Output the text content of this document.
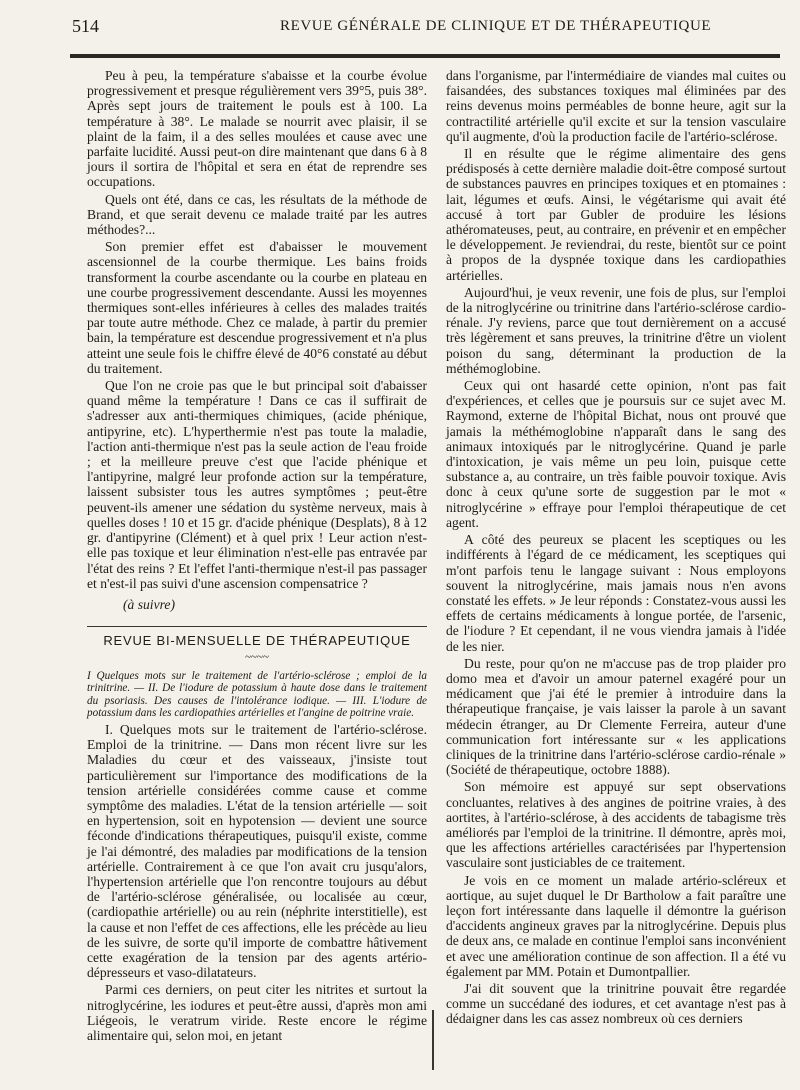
514	REVUE GÉNÉRALE DE CLINIQUE ET DE THÉRAPEUTIQUE

Peu à peu, la température s'abaisse et la courbe évolue progressivement et presque régulièrement vers 39°5, puis 38°. Après sept jours de traitement le pouls est à 100. La température à 38°. Le malade se nourrit avec plaisir, il se plaint de la faim, il a des selles moulées et cause avec une parfaite lucidité. Aussi peut-on dire maintenant que dans 6 à 8 jours il sortira de l'hôpital et sera en état de reprendre ses occupations.

Quels ont été, dans ce cas, les résultats de la méthode de Brand, et que serait devenu ce malade traité par les autres méthodes?...

Son premier effet est d'abaisser le mouvement ascensionnel de la courbe thermique. Les bains froids transforment la courbe ascendante ou la courbe en plateau en une courbe progressivement descendante. Aussi les moyennes thermiques sont-elles inférieures à celles des malades traités par toute autre méthode. Chez ce malade, à partir du premier bain, la température est descendue progressivement et n'a plus atteint une seule fois le chiffre élevé de 40°6 constaté au début du traitement.

Que l'on ne croie pas que le but principal soit d'abaisser quand même la température ! Dans ce cas il suffirait de s'adresser aux anti-thermiques chimiques, (acide phénique, antipyrine, etc). L'hyperthermie n'est pas toute la maladie, l'action anti-thermique n'est pas la seule action de l'eau froide ; et la meilleure preuve c'est que l'acide phénique et l'antipyrine, malgré leur profonde action sur la température, laissent subsister tous les autres symptômes ; peut-être peuvent-ils amener une sédation du système nerveux, mais à quelles doses ! 10 et 15 gr. d'acide phénique (Desplats), 8 à 12 gr. d'antipyrine (Clément) et à quel prix ! Leur action n'est-elle pas toxique et leur élimination n'est-elle pas entravée par l'état des reins ? Et l'effet l'anti-thermique n'est-il pas passager et n'est-il pas suivi d'une ascension compensatrice ?

(à suivre)

REVUE BI-MENSUELLE DE THÉRAPEUTIQUE
~~~~

I Quelques mots sur le traitement de l'artério-sclérose ; emploi de la trinitrine. — II. De l'iodure de potassium à haute dose dans le traitement du psoriasis. Des causes de l'intolérance iodique. — III. L'iodure de potassium dans les cardiopathies artérielles et l'angine de poitrine vraie.

I. Quelques mots sur le traitement de l'artério-sclérose. Emploi de la trinitrine. — Dans mon récent livre sur les Maladies du cœur et des vaisseaux, j'insiste tout particulièrement sur l'importance des modifications de la tension artérielle considérées comme cause et comme symptôme des maladies. L'état de la tension artérielle — soit en hypertension, soit en hypotension — devient une source féconde d'indications thérapeutiques, puisqu'il existe, comme je l'ai démontré, des maladies par modifications de la tension artérielle. Contrairement à ce que l'on avait cru jusqu'alors, l'hypertension artérielle que l'on rencontre toujours au début de l'artério-sclérose généralisée, ou localisée au cœur, (cardiopathie artérielle) ou au rein (néphrite interstitielle), est la cause et non l'effet de ces affections, elle les précède au lieu de les suivre, de sorte qu'il importe de combattre hâtivement cette exagération de la tension par des agents artério-dépresseurs et vaso-dilatateurs.

Parmi ces derniers, on peut citer les nitrites et surtout la nitroglycérine, les iodures et peut-être aussi, d'après mon ami Liégeois, le veratrum viride. Reste encore le régime alimentaire qui, selon moi, en jetant

dans l'organisme, par l'intermédiaire de viandes mal cuites ou faisandées, des substances toxiques mal éliminées par des reins devenus moins perméables de bonne heure, agit sur la contractilité artérielle qu'il excite et sur la tension vasculaire qu'il augmente, d'où la production facile de l'artério-sclérose.

Il en résulte que le régime alimentaire des gens prédisposés à cette dernière maladie doit-être composé surtout de substances pauvres en principes toxiques et en ptomaines : lait, légumes et œufs. Ainsi, le végétarisme qui avait été accusé à tort par Gubler de produire les lésions athéromateuses, peut, au contraire, en prévenir et en empêcher le développement. Je reviendrai, du reste, bientôt sur ce point à propos de la dyspnée toxique dans les cardiopathies artérielles.

Aujourd'hui, je veux revenir, une fois de plus, sur l'emploi de la nitroglycérine ou trinitrine dans l'artério-sclérose cardio-rénale. J'y reviens, parce que tout dernièrement on a accusé très légèrement et sans preuves, la trinitrine d'être un violent poison du sang, déterminant la production de la méthémoglobine.

Ceux qui ont hasardé cette opinion, n'ont pas fait d'expériences, et celles que je poursuis sur ce sujet avec M. Raymond, externe de l'hôpital Bichat, nous ont prouvé que jamais la méthémoglobine n'apparaît dans le sang des animaux intoxiqués par le nitroglycérine. Quand je parle d'intoxication, je vais même un peu loin, puisque cette substance a, au contraire, un très faible pouvoir toxique. Avis donc à ceux qu'une sorte de suggestion par le mot « nitroglycérine » effraye pour l'emploi thérapeutique de cet agent.

A côté des peureux se placent les sceptiques ou les indifférents à l'égard de ce médicament, les sceptiques qui m'ont parfois tenu le langage suivant : Nous employons souvent la nitroglycérine, mais jamais nous n'en avons constaté les effets. » Je leur réponds : Constatez-vous aussi les effets de certains médicaments à longue portée, de l'arsenic, de l'iodure ? Et cependant, il ne vous viendra jamais à l'idée de les nier.

Du reste, pour qu'on ne m'accuse pas de trop plaider pro domo mea et d'avoir un amour paternel exagéré pour un médicament que j'ai été le premier à introduire dans la thérapeutique française, je vais laisser la parole à un savant médecin étranger, au Dr Clemente Ferreira, auteur d'une communication fort intéressante sur « les applications cliniques de la trinitrine dans l'artério-sclérose cardio-rénale » (Société de thérapeutique, octobre 1888).

Son mémoire est appuyé sur sept observations concluantes, relatives à des angines de poitrine vraies, à des aortites, à l'artério-sclérose, à des accidents de tabagisme très améliorés par l'emploi de la trinitrine. Il démontre, après moi, que les affections artérielles caractérisées par l'hypertension vasculaire sont justiciables de ce traitement.

Je vois en ce moment un malade artério-scléreux et aortique, au sujet duquel le Dr Bartholow a fait paraître une leçon fort intéressante dans laquelle il démontre la guérison d'accidents angineux graves par la nitroglycérine. Depuis plus de deux ans, ce malade en continue l'emploi sans inconvénient et avec une amélioration continue de son affection. Il a été vu également par MM. Potain et Dumontpallier.

J'ai dit souvent que la trinitrine pouvait être regardée comme un succédané des iodures, et cet avantage n'est pas à dédaigner dans les cas assez nombreux où ces derniers
